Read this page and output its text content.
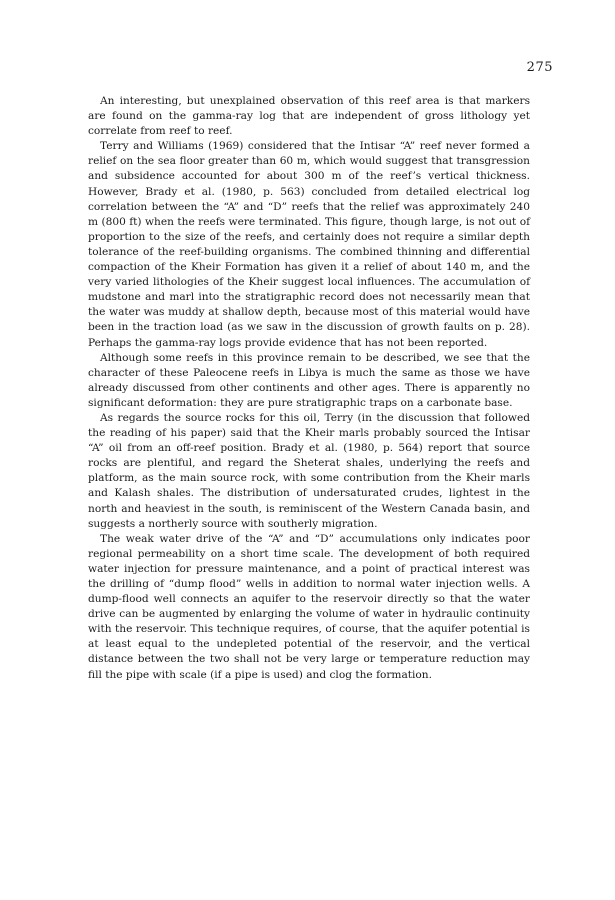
275

An interesting, but unexplained observation of this reef area is that markers are found on the gamma-ray log that are independent of gross lithology yet correlate from reef to reef.

Terry and Williams (1969) considered that the Intisar “A” reef never formed a relief on the sea floor greater than 60 m, which would suggest that transgression and subsidence accounted for about 300 m of the reef’s vertical thickness. However, Brady et al. (1980, p. 563) concluded from detailed electrical log correlation between the “A” and “D” reefs that the relief was approximately 240 m (800 ft) when the reefs were terminated. This figure, though large, is not out of proportion to the size of the reefs, and certainly does not require a similar depth tolerance of the reef-building organisms. The combined thinning and differential compaction of the Kheir Formation has given it a relief of about 140 m, and the very varied lithologies of the Kheir suggest local influences. The accumulation of mudstone and marl into the stratigraphic record does not necessarily mean that the water was muddy at shallow depth, because most of this material would have been in the traction load (as we saw in the discussion of growth faults on p. 28). Perhaps the gamma-ray logs provide evidence that has not been reported.

Although some reefs in this province remain to be described, we see that the character of these Paleocene reefs in Libya is much the same as those we have already discussed from other continents and other ages. There is apparently no significant deformation: they are pure stratigraphic traps on a carbonate base.

As regards the source rocks for this oil, Terry (in the discussion that followed the reading of his paper) said that the Kheir marls probably sourced the Intisar “A” oil from an off-reef position. Brady et al. (1980, p. 564) report that source rocks are plentiful, and regard the Sheterat shales, underlying the reefs and platform, as the main source rock, with some contribution from the Kheir marls and Kalash shales. The distribution of undersaturated crudes, lightest in the north and heaviest in the south, is reminiscent of the Western Canada basin, and suggests a northerly source with southerly migration.

The weak water drive of the “A” and “D” accumulations only indicates poor regional permeability on a short time scale. The development of both required water injection for pressure maintenance, and a point of practical interest was the drilling of “dump flood” wells in addition to normal water injection wells. A dump-flood well connects an aquifer to the reservoir directly so that the water drive can be augmented by enlarging the volume of water in hydraulic continuity with the reservoir. This technique requires, of course, that the aquifer potential is at least equal to the undepleted potential of the reservoir, and the vertical distance between the two shall not be very large or temperature reduction may fill the pipe with scale (if a pipe is used) and clog the formation.
